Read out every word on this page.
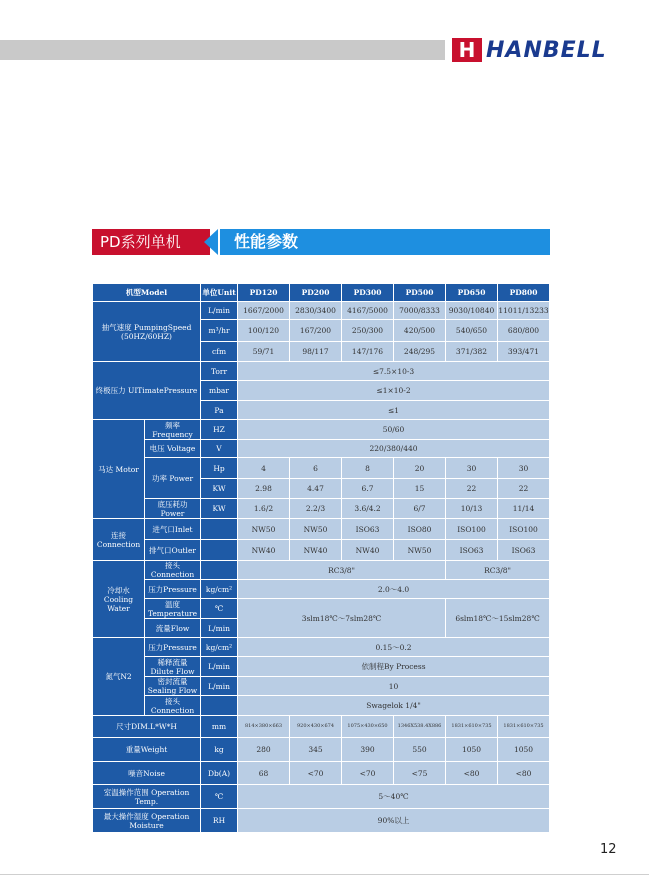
H HANBELL
PD系列单机	性能参数
机型Model		单位Unit	PD120	PD200	PD300	PD500	PD650	PD800
抽气速度 PumpingSpeed (50HZ/60HZ)		L/min	1667/2000	2830/3400	4167/5000	7000/8333	9030/10840	11011/13233
		m³/hr	100/120	167/200	250/300	420/500	540/650	680/800
		cfm	59/71	98/117	147/176	248/295	371/382	393/471
终极压力 UITimatePressure		Torr	≤7.5×10-3					
		mbar	≤1×10-2					
		Pa	≤1					
马达 Motor	频率 Frequency	HZ	50/60					
	电压 Voltage	V	220/380/440					
	功率 Power	Hp	4	6	8	20	30	30
		KW	2.98	4.47	6.7	15	22	22
	底压耗功 Power	KW	1.6/2	2.2/3	3.6/4.2	6/7	10/13	11/14
连接 Connection	进气口Inlet		NW50	NW50	ISO63	ISO80	ISO100	ISO100
	排气口Outler		NW40	NW40	NW40	NW50	ISO63	ISO63
冷却水 Cooling Water	接头 Connection		RC3/8"				RC3/8"	
	压力Pressure	kg/cm²	2.0～4.0					
	温度 Temperature	℃	3slm18℃～7slm28℃				6slm18℃～15slm28℃	
	流量Flow	L/min						
氮气N2	压力Pressure	kg/cm²	0.15～0.2					
	稀释流量 Dilute Flow	L/min	依制程By Process					
	密封流量 Sealing Flow	L/min	10					
	接头 Connection		Swagelok 1/4"					
尺寸DIM.L*W*H		mm	814×380×663	920×430×674	1075×430×650	1346X538.4X886	1831×610×735	1831×610×735
重量Weight		kg	280	345	390	550	1050	1050
噪音Noise		Db(A)	68	<70	<70	<75	<80	<80
室温操作范围 Operation Temp.		℃	5～40℃					
最大操作湿度 Operation Moisture		RH	90%以上					
12
